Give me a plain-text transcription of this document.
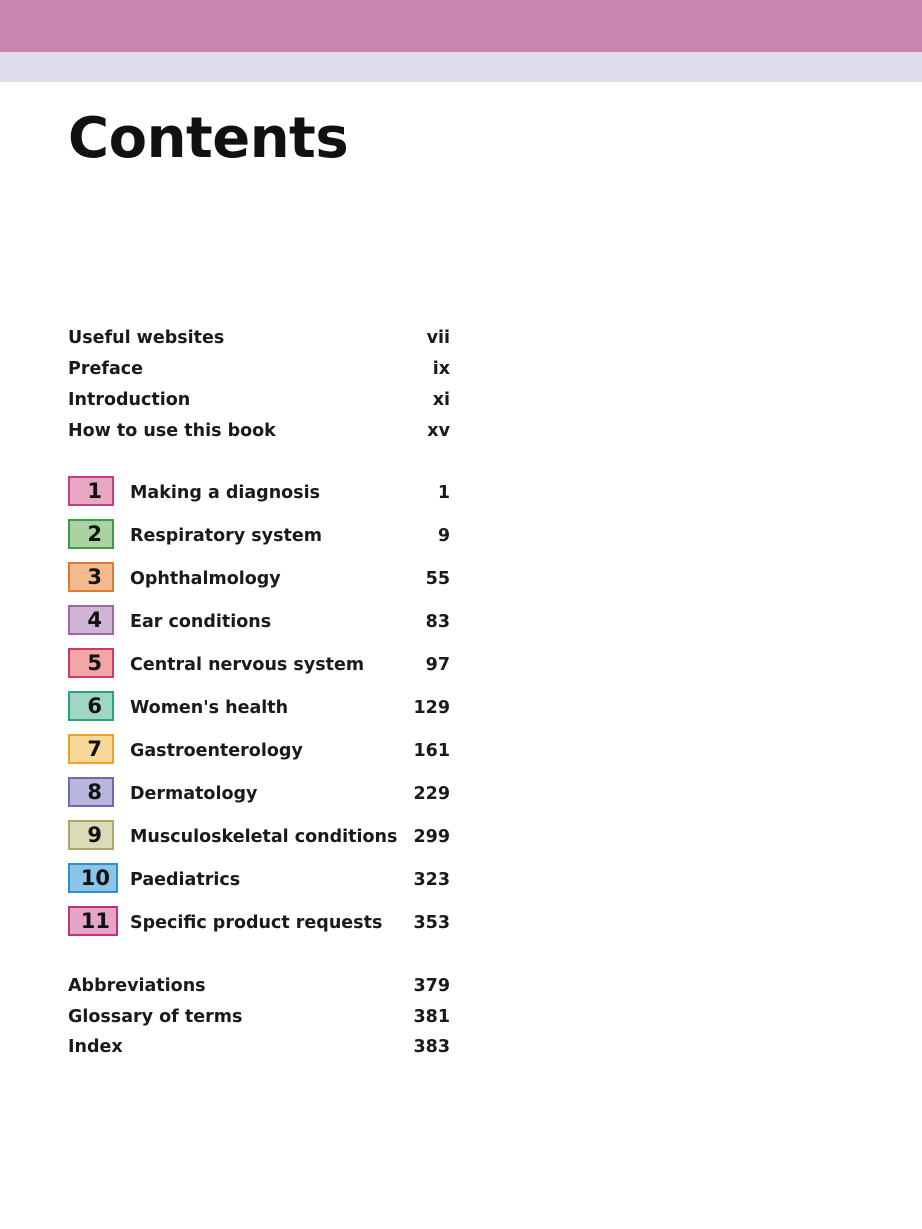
Contents
Useful websites	vii
Preface	ix
Introduction	xi
How to use this book	xv
1	Making a diagnosis	1
2	Respiratory system	9
3	Ophthalmology	55
4	Ear conditions	83
5	Central nervous system	97
6	Women's health	129
7	Gastroenterology	161
8	Dermatology	229
9	Musculoskeletal conditions 299
10	Paediatrics	323
11	Specific product requests 353
Abbreviations	379
Glossary of terms	381
Index	383
